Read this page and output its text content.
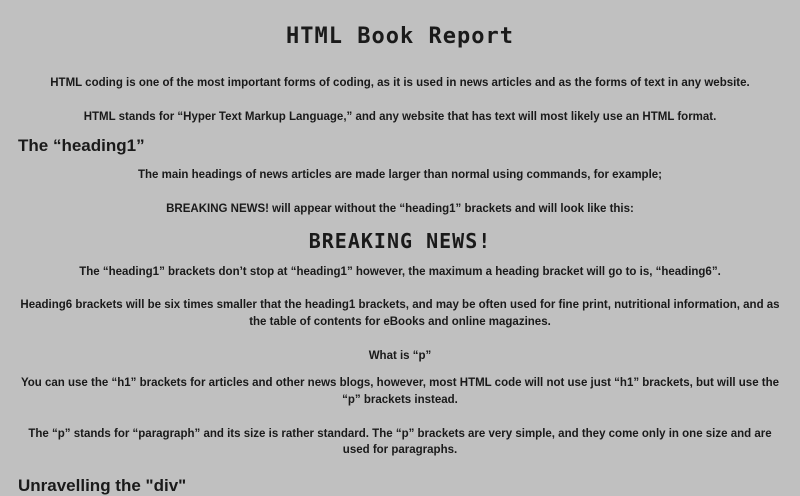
HTML Book Report

HTML coding is one of the most important forms of coding, as it is used in news articles and as the forms of text in any website.

HTML stands for “Hyper Text Markup Language,” and any website that has text will most likely use an HTML format.

The “heading1”

The main headings of news articles are made larger than normal using commands, for example;

BREAKING NEWS! will appear without the “heading1” brackets and will look like this:

BREAKING NEWS!

The “heading1” brackets don’t stop at “heading1” however, the maximum a heading bracket will go to is, “heading6”.

Heading6 brackets will be six times smaller that the heading1 brackets, and may be often used for fine print, nutritional information, and as the table of contents for eBooks and online magazines.

What is “p”

You can use the “h1” brackets for articles and other news blogs, however, most HTML code will not use just “h1” brackets, but will use the “p” brackets instead.

The “p” stands for “paragraph” and its size is rather standard. The “p” brackets are very simple, and they come only in one size and are used for paragraphs.

Unravelling the "div"
